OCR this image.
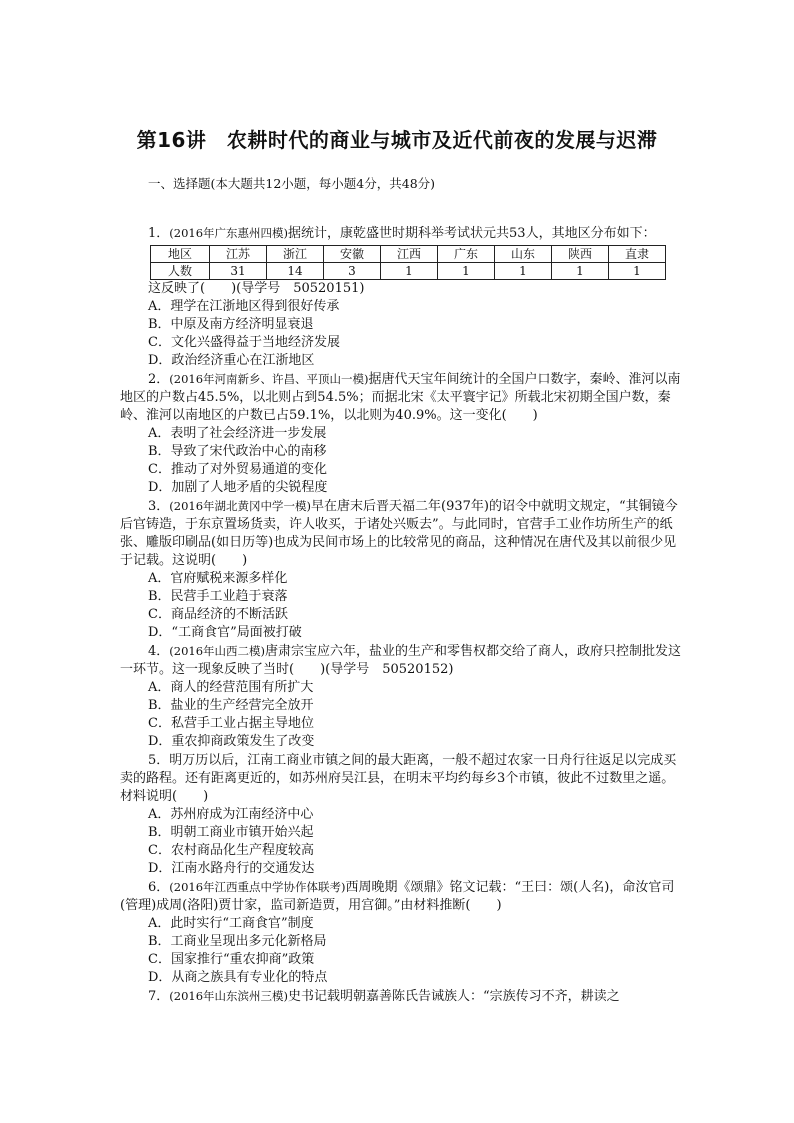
第16讲　农耕时代的商业与城市及近代前夜的发展与迟滞
一、选择题(本大题共12小题，每小题4分，共48分)

1．(2016年广东惠州四模)据统计，康乾盛世时期科举考试状元共53人，其地区分布如下：

地区	江苏	浙江	安徽	江西	广东	山东	陕西	直隶
人数	31	14	3	1	1	1	1	1

这反映了(　　)(导学号　50520151)

A．理学在江浙地区得到很好传承

B．中原及南方经济明显衰退

C．文化兴盛得益于当地经济发展

D．政治经济重心在江浙地区

2．(2016年河南新乡、许昌、平顶山一模)据唐代天宝年间统计的全国户口数字，秦岭、淮河以南地区的户数占45.5%，以北则占到54.5%；而据北宋《太平寰宇记》所载北宋初期全国户数，秦岭、淮河以南地区的户数已占59.1%，以北则为40.9%。这一变化(　　)

A．表明了社会经济进一步发展

B．导致了宋代政治中心的南移

C．推动了对外贸易通道的变化

D．加剧了人地矛盾的尖锐程度

3．(2016年湖北黄冈中学一模)早在唐末后晋天福二年(937年)的诏令中就明文规定，“其铜镜今后官铸造，于东京置场货卖，许人收买，于诸处兴贩去”。与此同时，官营手工业作坊所生产的纸张、雕版印刷品(如日历等)也成为民间市场上的比较常见的商品，这种情况在唐代及其以前很少见于记载。这说明(　　)

A．官府赋税来源多样化

B．民营手工业趋于衰落

C．商品经济的不断活跃

D．“工商食官”局面被打破

4．(2016年山西二模)唐肃宗宝应六年，盐业的生产和零售权都交给了商人，政府只控制批发这一环节。这一现象反映了当时(　　)(导学号　50520152)

A．商人的经营范围有所扩大

B．盐业的生产经营完全放开

C．私营手工业占据主导地位

D．重农抑商政策发生了改变

5．明万历以后，江南工商业市镇之间的最大距离，一般不超过农家一日舟行往返足以完成买卖的路程。还有距离更近的，如苏州府吴江县，在明末平均约每乡3个市镇，彼此不过数里之遥。材料说明(　　)

A．苏州府成为江南经济中心

B．明朝工商业市镇开始兴起

C．农村商品化生产程度较高

D．江南水路舟行的交通发达

6．(2016年江西重点中学协作体联考)西周晚期《颂鼎》铭文记载：“王曰：颂(人名)，命汝官司(管理)成周(洛阳)贾廿家，监司新造贾，用宫御。”由材料推断(　　)

A．此时实行“工商食官”制度

B．工商业呈现出多元化新格局

C．国家推行“重农抑商”政策

D．从商之族具有专业化的特点

7．(2016年山东滨州三模)史书记载明朝嘉善陈氏告诫族人：“宗族传习不齐，耕读之
